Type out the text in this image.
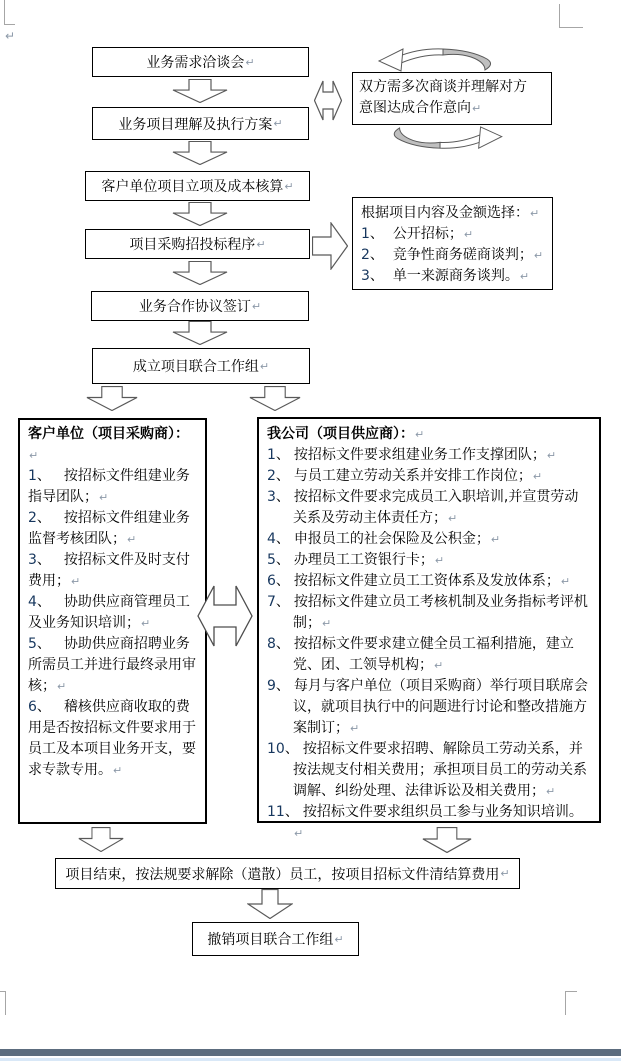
↵
业务需求洽谈会 ↵
业务项目理解及执行方案 ↵
客户单位项目立项及成本核算 ↵
项目采购招投标程序 ↵
业务合作协议签订 ↵
成立项目联合工作组 ↵

双方需多次商谈并理解对方

意图达成合作意向↵

根据项目内容及金额选择：↵

1、 公开招标；↵

2、 竞争性商务磋商谈判；↵

3、 单一来源商务谈判。↵

客户单位（项目采购商）：↵

1、 按招标文件组建业务指导团队；↵

2、 按招标文件组建业务监督考核团队；↵

3、 按招标文件及时支付费用；↵

4、 协助供应商管理员工及业务知识培训；↵

5、 协助供应商招聘业务所需员工并进行最终录用审核；↵

6、 稽核供应商收取的费用是否按招标文件要求用于员工及本项目业务开支，要求专款专用。↵

我公司（项目供应商）：↵

1、 按招标文件要求组建业务工作支撑团队；↵

2、 与员工建立劳动关系并安排工作岗位；↵

3、 按招标文件要求完成员工入职培训,并宣贯劳动关系及劳动主体责任方；↵

4、 申报员工的社会保险及公积金；↵

5、 办理员工工资银行卡；↵

6、 按招标文件建立员工工资体系及发放体系；↵

7、 按招标文件建立员工考核机制及业务指标考评机制；↵

8、 按招标文件要求建立健全员工福利措施，建立党、团、工领导机构；↵

9、 每月与客户单位（项目采购商）举行项目联席会议，就项目执行中的问题进行讨论和整改措施方案制订；↵

10、 按招标文件要求招聘、解除员工劳动关系，并按法规支付相关费用；承担项目员工的劳动关系调解、纠纷处理、法律诉讼及相关费用；↵

11、 按招标文件要求组织员工参与业务知识培训。↵

项目结束，按法规要求解除（遣散）员工，按项目招标文件清结算费用 ↵
撤销项目联合工作组 ↵
